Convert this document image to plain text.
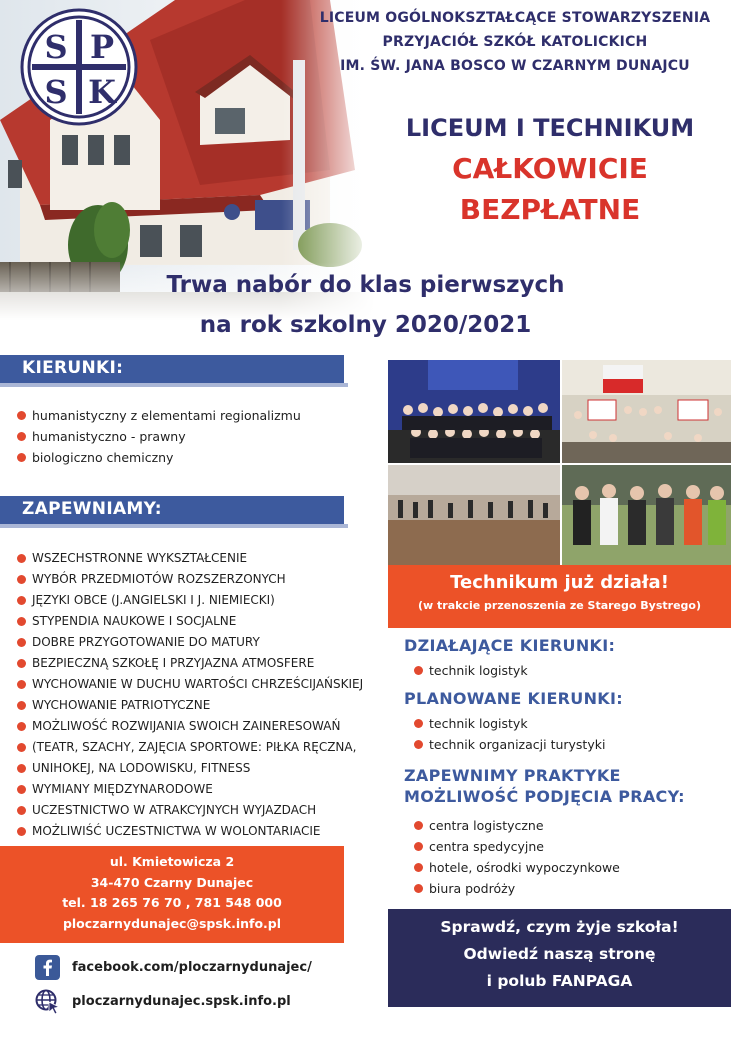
S P
S K
LICEUM OGÓLNOKSZTAŁCĄCE STOWARZYSZENIA
PRZYJACIÓŁ SZKÓŁ KATOLICKICH
IM. ŚW. JANA BOSCO W CZARNYM DUNAJCU
LICEUM I TECHNIKUM
CAŁKOWICIE
BEZPŁATNE
Trwa nabór do klas pierwszych
na rok szkolny 2020/2021
KIERUNKI:
humanistyczny z elementami regionalizmu
humanistyczno - prawny
biologiczno chemiczny
ZAPEWNIAMY:
WSZECHSTRONNE WYKSZTAŁCENIE
WYBÓR PRZEDMIOTÓW ROZSZERZONYCH
JĘZYKI OBCE (J.ANGIELSKI I J. NIEMIECKI)
STYPENDIA NAUKOWE I SOCJALNE
DOBRE PRZYGOTOWANIE DO MATURY
BEZPIECZNĄ SZKOŁĘ I PRZYJAZNA ATMOSFERE
WYCHOWANIE W DUCHU WARTOŚCI CHRZEŚCIJAŃSKIEJ
WYCHOWANIE PATRIOTYCZNE
MOŻLIWOŚĆ ROZWIJANIA SWOICH ZAINERESOWAŃ
(TEATR, SZACHY, ZAJĘCIA SPORTOWE: PIŁKA RĘCZNA,
UNIHOKEJ, NA LODOWISKU, FITNESS
WYMIANY MIĘDZYNARODOWE
UCZESTNICTWO W ATRAKCYJNYCH WYJAZDACH
MOŻLIWIŚĆ UCZESTNICTWA W WOLONTARIACIE
ul. Kmietowicza 2
34-470 Czarny Dunajec
tel. 18 265 76 70 , 781 548 000
ploczarnydunajec@spsk.info.pl
facebook.com/ploczarnydunajec/
ploczarnydunajec.spsk.info.pl
Technikum już działa!
(w trakcie przenoszenia ze Starego Bystrego)
DZIAŁAJĄCE KIERUNKI:
technik logistyk
PLANOWANE KIERUNKI:
technik logistyk
technik organizacji turystyki
ZAPEWNIMY PRAKTYKE
MOŻLIWOŚĆ PODJĘCIA PRACY:
centra logistyczne
centra spedycyjne
hotele, ośrodki wypoczynkowe
biura podróży
Sprawdź, czym żyje szkoła!
Odwiedź naszą stronę
i polub FANPAGA
